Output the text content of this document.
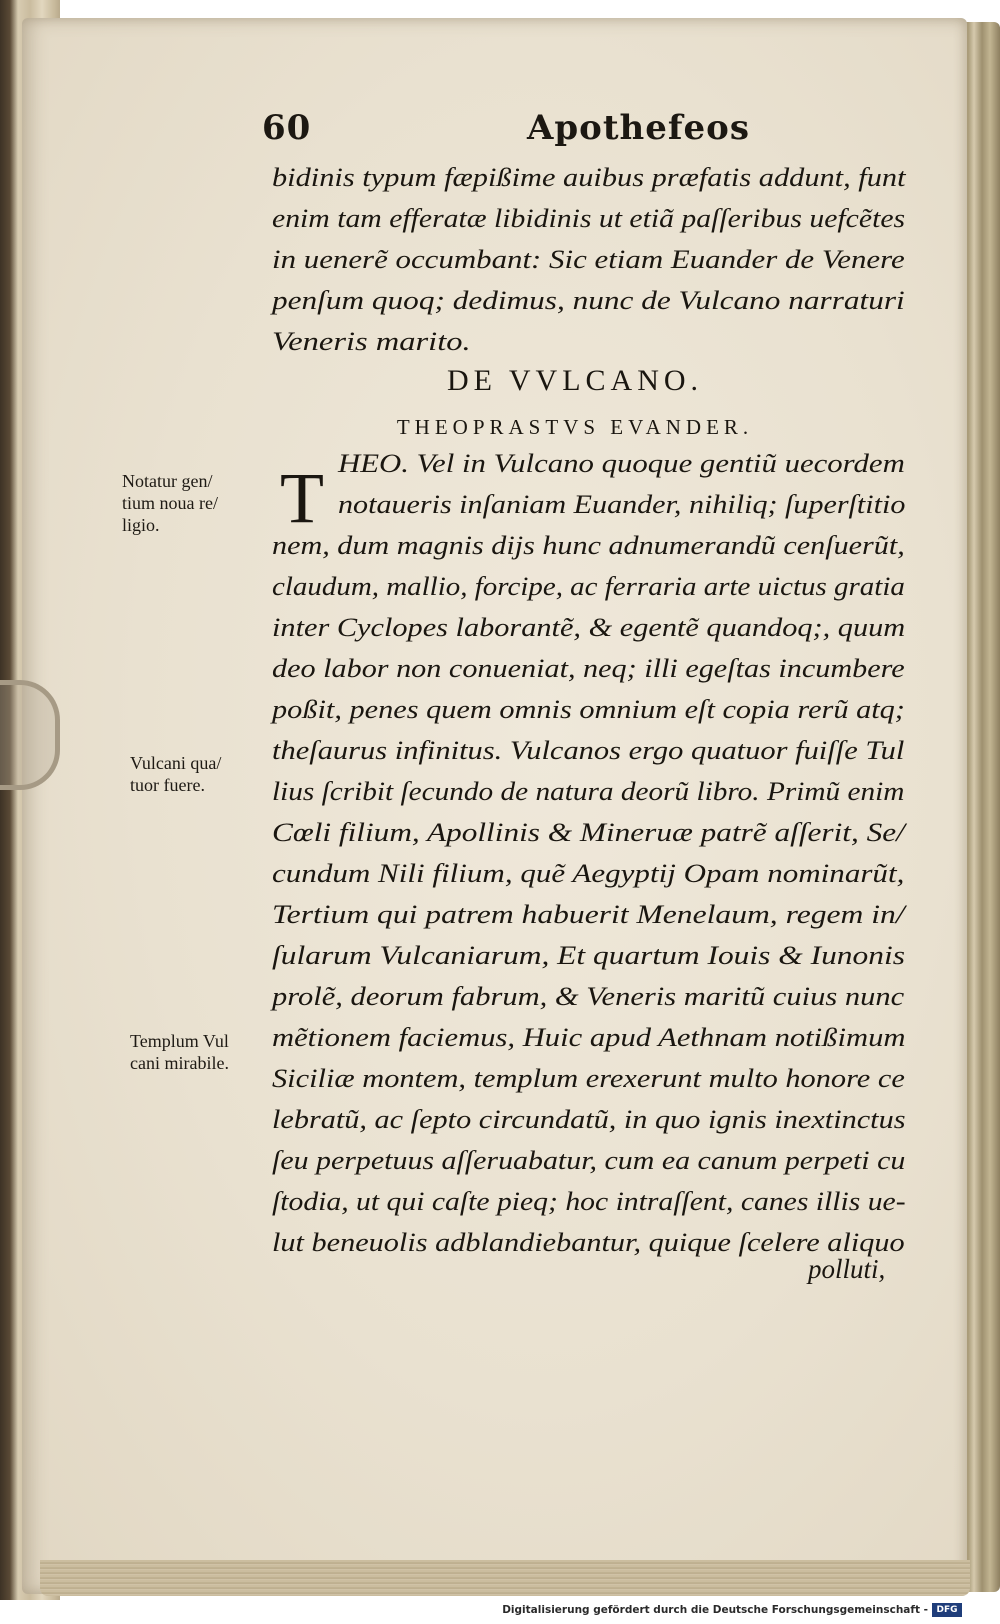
60	Apothefeos
bidinis typum fæpißime auibus præfatis addunt, funt
enim tam efferatæ libidinis ut etiã paſſeribus uefcẽtes
in uenerẽ occumbant: Sic etiam Euander de Venere
penſum quoq; dedimus, nunc de Vulcano narraturi
Veneris marito.
DE VVLCANO.
THEOPRASTVS EVANDER.
T HEO. Vel in Vulcano quoque gentiũ uecordem
notaueris inſaniam Euander, nihiliq; ſuperſtitio
nem, dum magnis dijs hunc adnumerandũ cenſuerũt,
claudum, mallio, forcipe, ac ferraria arte uictus gratia
inter Cyclopes laborantẽ, & egentẽ quandoq;, quum
deo labor non conueniat, neq; illi egeſtas incumbere
poßit, penes quem omnis omnium eſt copia rerũ atq;
theſaurus infinitus. Vulcanos ergo quatuor fuiſſe Tul
lius ſcribit ſecundo de natura deorũ libro. Primũ enim
Cœli filium, Apollinis & Mineruæ patrẽ aſſerit, Se/
cundum Nili filium, quẽ Aegyptij Opam nominarũt,
Tertium qui patrem habuerit Menelaum, regem in/
ſularum Vulcaniarum, Et quartum Iouis & Iunonis
prolẽ, deorum fabrum, & Veneris maritũ cuius nunc
mẽtionem faciemus, Huic apud Aethnam notißimum
Siciliæ montem, templum erexerunt multo honore ce
lebratũ, ac ſepto circundatũ, in quo ignis inextinctus
ſeu perpetuus aſſeruabatur, cum ea canum perpeti cu
ſtodia, ut qui caſte pieq; hoc intraſſent, canes illis ue-
lut beneuolis adblandiebantur, quique ſcelere aliquo
polluti,
Notatur gen/
tium noua re/
ligio.
Vulcani qua/
tuor fuere.
Templum Vul
cani mirabile.
Digitalisierung gefördert durch die Deutsche Forschungsgemeinschaft - DFG
